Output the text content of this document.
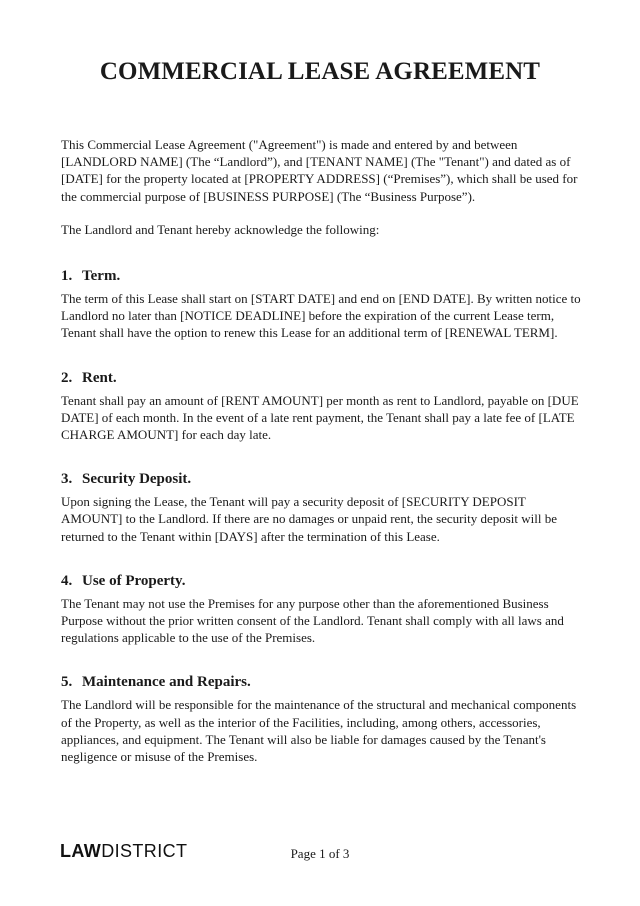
COMMERCIAL LEASE AGREEMENT

This Commercial Lease Agreement ("Agreement") is made and entered by and between [LANDLORD NAME] (The “Landlord”), and [TENANT NAME] (The "Tenant") and dated as of [DATE] for the property located at [PROPERTY ADDRESS] (“Premises”), which shall be used for the commercial purpose of [BUSINESS PURPOSE] (The “Business Purpose”).

The Landlord and Tenant hereby acknowledge the following:

1. Term.

The term of this Lease shall start on [START DATE] and end on [END DATE]. By written notice to Landlord no later than [NOTICE DEADLINE] before the expiration of the current Lease term, Tenant shall have the option to renew this Lease for an additional term of [RENEWAL TERM].

2. Rent.

Tenant shall pay an amount of [RENT AMOUNT] per month as rent to Landlord, payable on [DUE DATE] of each month. In the event of a late rent payment, the Tenant shall pay a late fee of [LATE CHARGE AMOUNT] for each day late.

3. Security Deposit.

Upon signing the Lease, the Tenant will pay a security deposit of [SECURITY DEPOSIT AMOUNT] to the Landlord. If there are no damages or unpaid rent, the security deposit will be returned to the Tenant within [DAYS] after the termination of this Lease.

4. Use of Property.

The Tenant may not use the Premises for any purpose other than the aforementioned Business Purpose without the prior written consent of the Landlord. Tenant shall comply with all laws and regulations applicable to the use of the Premises.

5. Maintenance and Repairs.

The Landlord will be responsible for the maintenance of the structural and mechanical components of the Property, as well as the interior of the Facilities, including, among others, accessories, appliances, and equipment. The Tenant will also be liable for damages caused by the Tenant's negligence or misuse of the Premises.

LAWDISTRICT	Page 1 of 3
